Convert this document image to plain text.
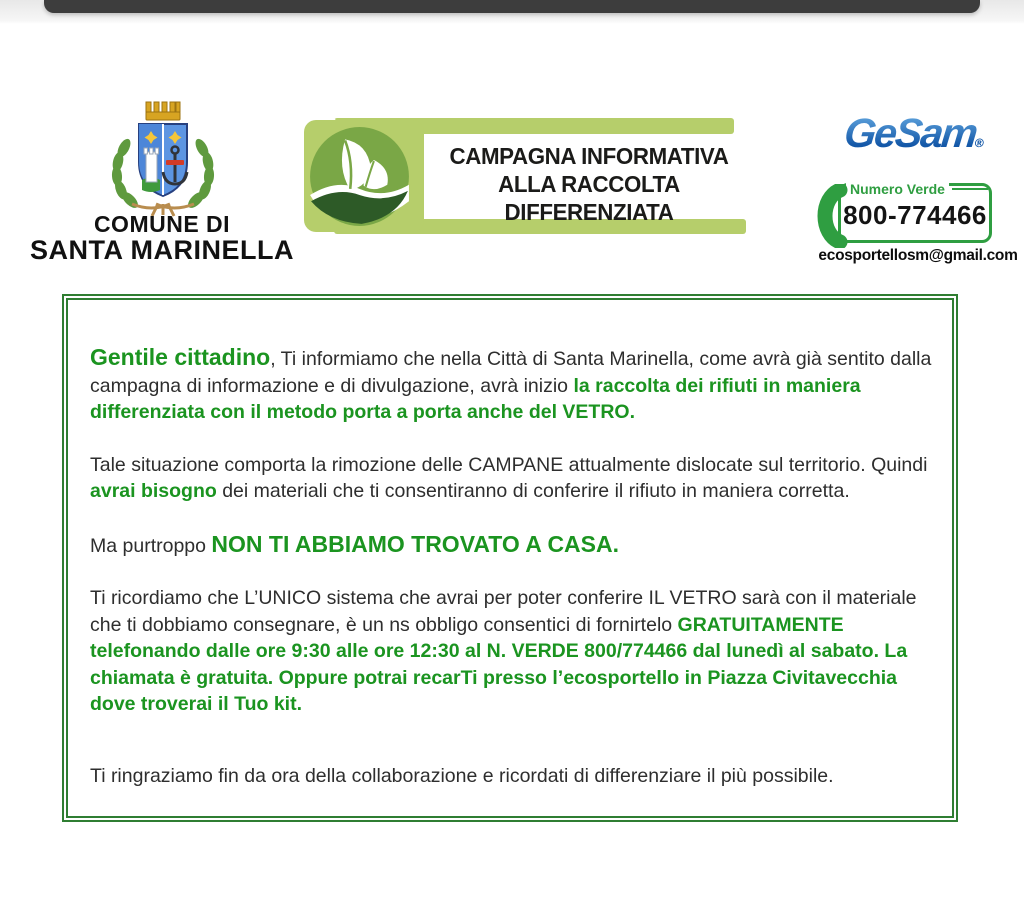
COMUNE DI
SANTA MARINELLA
CAMPAGNA INFORMATIVA
ALLA RACCOLTA DIFFERENZIATA
GeSam®
Numero Verde
800-774466
ecosportellosm@gmail.com

Gentile cittadino, Ti informiamo che nella Città di Santa Marinella, come avrà già sentito dalla campagna di informazione e di divulgazione, avrà inizio la raccolta dei rifiuti in maniera differenziata con il metodo porta a porta anche del VETRO.

Tale situazione comporta la rimozione delle CAMPANE attualmente dislocate sul territorio. Quindi avrai bisogno dei materiali che ti consentiranno di conferire il rifiuto in maniera corretta.

Ma purtroppo NON TI ABBIAMO TROVATO A CASA.

Ti ricordiamo che L’UNICO sistema che avrai per poter conferire IL VETRO sarà con il materiale che ti dobbiamo consegnare, è un ns obbligo consentici di fornirtelo GRATUITAMENTE telefonando dalle ore 9:30 alle ore 12:30 al N. VERDE 800/774466 dal lunedì al sabato. La chiamata è gratuita. Oppure potrai recarTi presso l’ecosportello in Piazza Civitavecchia dove troverai il Tuo kit.

Ti ringraziamo fin da ora della collaborazione e ricordati di differenziare il più possibile.
